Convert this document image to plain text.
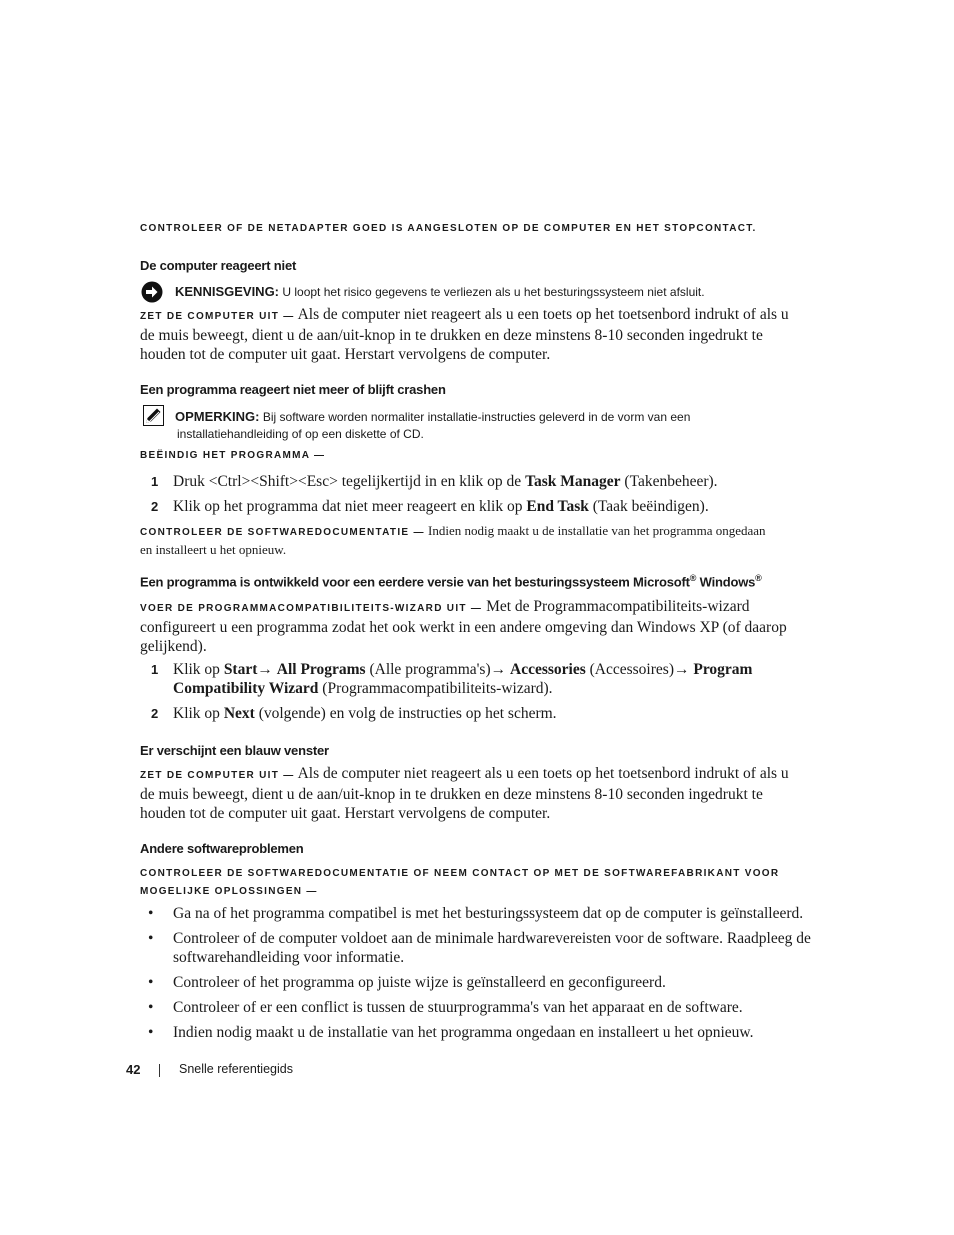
CONTROLEER OF DE NETADAPTER GOED IS AANGESLOTEN OP DE COMPUTER EN HET STOPCONTACT.
De computer reageert niet
KENNISGEVING: U loopt het risico gegevens te verliezen als u het besturingssysteem niet afsluit.
ZET DE COMPUTER UIT — Als de computer niet reageert als u een toets op het toetsenbord indrukt of als u
de muis beweegt, dient u de aan/uit-knop in te drukken en deze minstens 8-10 seconden ingedrukt te
houden tot de computer uit gaat. Herstart vervolgens de computer.
Een programma reageert niet meer of blijft crashen
OPMERKING: Bij software worden normaliter installatie-instructies geleverd in de vorm van een
installatiehandleiding of op een diskette of CD.
BEËINDIG HET PROGRAMMA —
1 Druk <Ctrl><Shift><Esc> tegelijkertijd in en klik op de Task Manager (Takenbeheer).
2 Klik op het programma dat niet meer reageert en klik op End Task (Taak beëindigen).
CONTROLEER DE SOFTWAREDOCUMENTATIE — Indien nodig maakt u de installatie van het programma ongedaan
en installeert u het opnieuw.
Een programma is ontwikkeld voor een eerdere versie van het besturingssysteem Microsoft® Windows®
VOER DE PROGRAMMACOMPATIBILITEITS-WIZARD UIT — Met de Programmacompatibiliteits-wizard
configureert u een programma zodat het ook werkt in een andere omgeving dan Windows XP (of daarop
gelijkend).
1 Klik op Start→ All Programs (Alle programma's)→ Accessories (Accessoires)→ Program
Compatibility Wizard (Programmacompatibiliteits-wizard).
2 Klik op Next (volgende) en volg de instructies op het scherm.
Er verschijnt een blauw venster
ZET DE COMPUTER UIT — Als de computer niet reageert als u een toets op het toetsenbord indrukt of als u
de muis beweegt, dient u de aan/uit-knop in te drukken en deze minstens 8-10 seconden ingedrukt te
houden tot de computer uit gaat. Herstart vervolgens de computer.
Andere softwareproblemen
CONTROLEER DE SOFTWAREDOCUMENTATIE OF NEEM CONTACT OP MET DE SOFTWAREFABRIKANT VOOR
MOGELIJKE OPLOSSINGEN —
•	Ga na of het programma compatibel is met het besturingssysteem dat op de computer is geïnstalleerd.
•	Controleer of de computer voldoet aan de minimale hardwarevereisten voor de software. Raadpleeg de
softwarehandleiding voor informatie.
•	Controleer of het programma op juiste wijze is geïnstalleerd en geconfigureerd.
•	Controleer of er een conflict is tussen de stuurprogramma's van het apparaat en de software.
•	Indien nodig maakt u de installatie van het programma ongedaan en installeert u het opnieuw.
42	Snelle referentiegids
